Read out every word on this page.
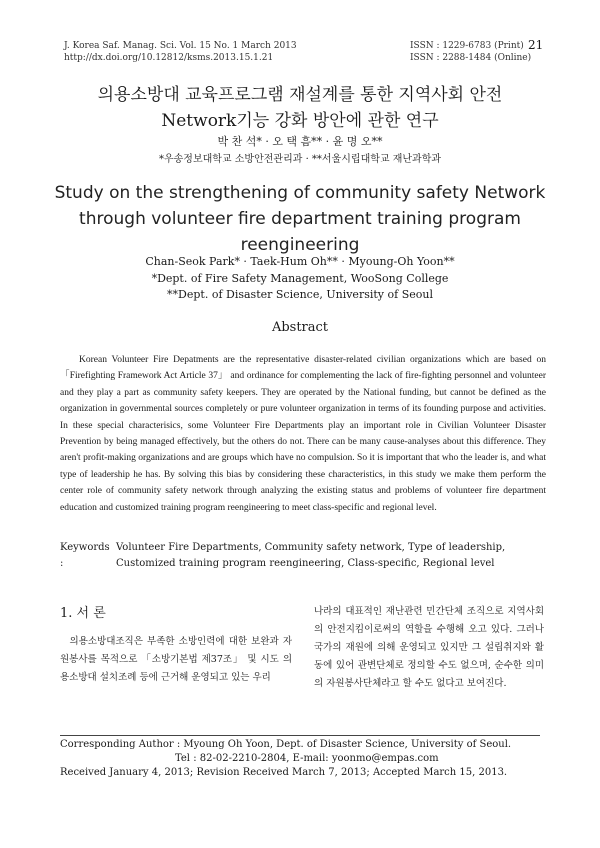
J. Korea Saf. Manag. Sci. Vol. 15 No. 1 March 2013
http://dx.doi.org/10.12812/ksms.2013.15.1.21
ISSN : 1229-6783 (Print)
ISSN : 2288-1484 (Online)
21
의용소방대 교육프로그램 재설계를 통한 지역사회 안전
Network기능 강화 방안에 관한 연구
박 찬 석* · 오 택 흠** · 윤 명 오**
*우송정보대학교 소방안전관리과 · **서울시립대학교 재난과학과
Study on the strengthening of community safety Network
through volunteer fire department training program
reengineering
Chan-Seok Park* · Taek-Hum Oh** · Myoung-Oh Yoon**
*Dept. of Fire Safety Management, WooSong College
**Dept. of Disaster Science, University of Seoul
Abstract
Korean Volunteer Fire Depatments are the representative disaster-related civilian organizations which are based on 「Firefighting Framework Act Article 37」 and ordinance for complementing the lack of fire-fighting personnel and volunteer and they play a part as community safety keepers. They are operated by the National funding, but cannot be defined as the organization in governmental sources completely or pure volunteer organization in terms of its founding purpose and activities. In these special characterisics, some Volunteer Fire Departments play an important role in Civilian Volunteer Disaster Prevention by being managed effectively, but the others do not. There can be many cause-analyses about this difference. They aren't profit-making organizations and are groups which have no compulsion. So it is important that who the leader is, and what type of leadership he has. By solving this bias by considering these characteristics, in this study we make them perform the center role of community safety network through analyzing the existing status and problems of volunteer fire department education and customized training program reengineering to meet class-specific and regional level.
Keywords :Volunteer Fire Departments, Community safety network, Type of leadership, Customized training program reengineering, Class-specific, Regional level
1. 서 론
의용소방대조직은 부족한 소방인력에 대한 보완과 자원봉사를 목적으로 「소방기본법 제37조」 및 시도 의용소방대 설치조례 등에 근거해 운영되고 있는 우리
나라의 대표적인 재난관련 민간단체 조직으로 지역사회의 안전지킴이로써의 역할을 수행해 오고 있다. 그러나 국가의 재원에 의해 운영되고 있지만 그 설립취지와 활동에 있어 관변단체로 정의할 수도 없으며, 순수한 의미의 자원봉사단체라고 할 수도 없다고 보여진다.
Corresponding Author : Myoung Oh Yoon, Dept. of Disaster Science, University of Seoul.
Tel : 82-02-2210-2804, E-mail: yoonmo@empas.com
Received January 4, 2013; Revision Received March 7, 2013; Accepted March 15, 2013.
